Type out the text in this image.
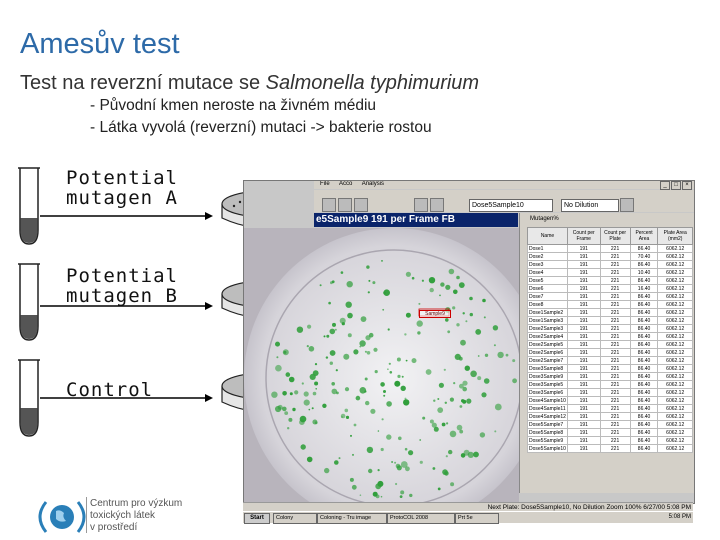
Amesův test
Test na reverzní mutace se Salmonella typhimurium
- Původní kmen neroste na živném médiu
- Látka vyvolá (reverzní) mutaci -> bakterie rostou
Potential
mutagen A
Potential
mutagen B
Control
File Acco Analysis	_	□	×
Dose5Sample10	No Dilution
e5Sample9 191 per Frame FB
Sample9
Mutagen%
Name	Count per Frame	Count per Plate	Percent Area	Plate Area (mm2)
Dose1	191	221	86.40	6062.12
Dose2	191	221	70.40	6062.12
Dose3	191	221	86.40	6062.12
Dose4	191	221	10.40	6062.12
Dose5	191	221	86.40	6062.12
Dose6	191	221	16.40	6062.12
Dose7	191	221	86.40	6062.12
Dose8	191	221	86.40	6062.12
Dose1Sample2	191	221	86.40	6062.12
Dose1Sample3	191	221	86.40	6062.12
Dose2Sample3	191	221	86.40	6062.12
Dose2Sample4	191	221	86.40	6062.12
Dose2Sample5	191	221	86.40	6062.12
Dose2Sample6	191	221	86.40	6062.12
Dose2Sample7	191	221	86.40	6062.12
Dose3Sample8	191	221	86.40	6062.12
Dose3Sample9	191	221	86.40	6062.12
Dose3Sample5	191	221	86.40	6062.12
Dose3Sample6	191	221	86.40	6062.12
Dose4Sample10	191	221	86.40	6062.12
Dose4Sample11	191	221	86.40	6062.12
Dose4Sample12	191	221	86.40	6062.12
Dose5Sample7	191	221	86.40	6062.12
Dose5Sample8	191	221	86.40	6062.12
Dose5Sample9	191	221	86.40	6062.12
Dose5Sample10	191	221	86.40	6062.12
Next Plate: Dose5Sample10, No Dilution Zoom 100% 6/27/00 5:08 PM
Start	Colony	Coloning - Tru image	ProtoCOL 2008	Prt 5e	5:08 PM
Centrum pro výzkum
toxických látek
v prostředí
